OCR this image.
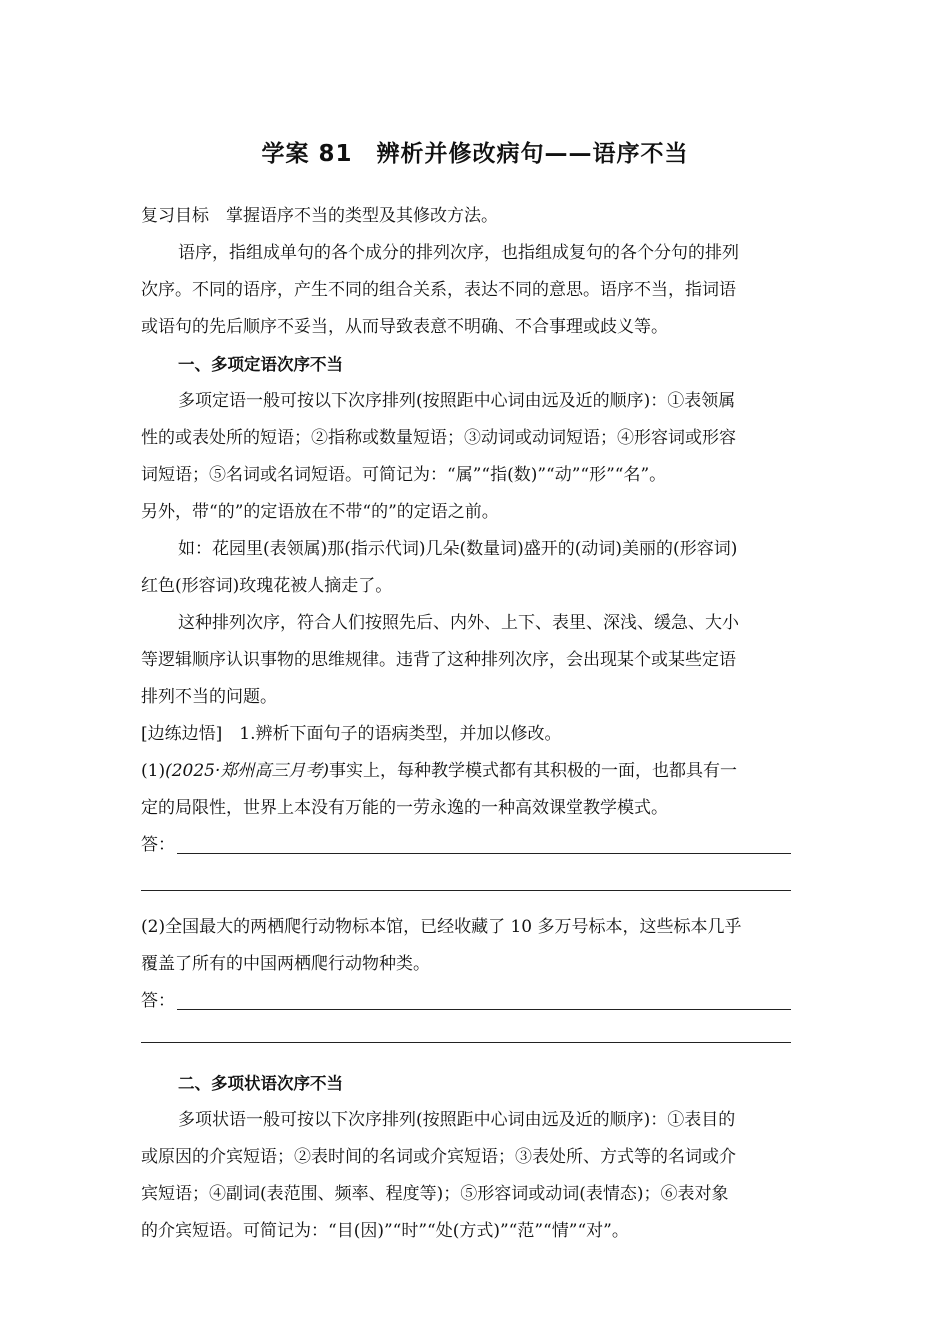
学案 81　辨析并修改病句——语序不当
复习目标　 掌握语序不当的类型及其修改方法。
语序，指组成单句的各个成分的排列次序，也指组成复句的各个分句的排列
次序。不同的语序，产生不同的组合关系，表达不同的意思。语序不当，指词语
或语句的先后顺序不妥当，从而导致表意不明确、不合事理或歧义等。
一、多项定语次序不当
多项定语一般可按以下次序排列(按照距中心词由远及近的顺序)：①表领属
性的或表处所的短语；②指称或数量短语；③动词或动词短语；④形容词或形容
词短语；⑤名词或名词短语。可简记为：“属”“指(数)”“动”“形”“名”。
另外，带“的”的定语放在不带“的”的定语之前。
如：花园里(表领属)那(指示代词)几朵(数量词)盛开的(动词)美丽的(形容词)
红色(形容词)玫瑰花被人摘走了。
这种排列次序，符合人们按照先后、内外、上下、表里、深浅、缓急、大小
等逻辑顺序认识事物的思维规律。违背了这种排列次序，会出现某个或某些定语
排列不当的问题。
[边练边悟]　 1.辨析下面句子的语病类型，并加以修改。
(1)(2025·郑州高三月考)事实上，每种教学模式都有其积极的一面，也都具有一
定的局限性，世界上本没有万能的一劳永逸的一种高效课堂教学模式。
答：
(2)全国最大的两栖爬行动物标本馆，已经收藏了 10 多万号标本，这些标本几乎
覆盖了所有的中国两栖爬行动物种类。
答：
二、多项状语次序不当
多项状语一般可按以下次序排列(按照距中心词由远及近的顺序)：①表目的
或原因的介宾短语；②表时间的名词或介宾短语；③表处所、方式等的名词或介
宾短语；④副词(表范围、频率、程度等)；⑤形容词或动词(表情态)；⑥表对象
的介宾短语。可简记为：“目(因)”“时”“处(方式)”“范”“情”“对”。
